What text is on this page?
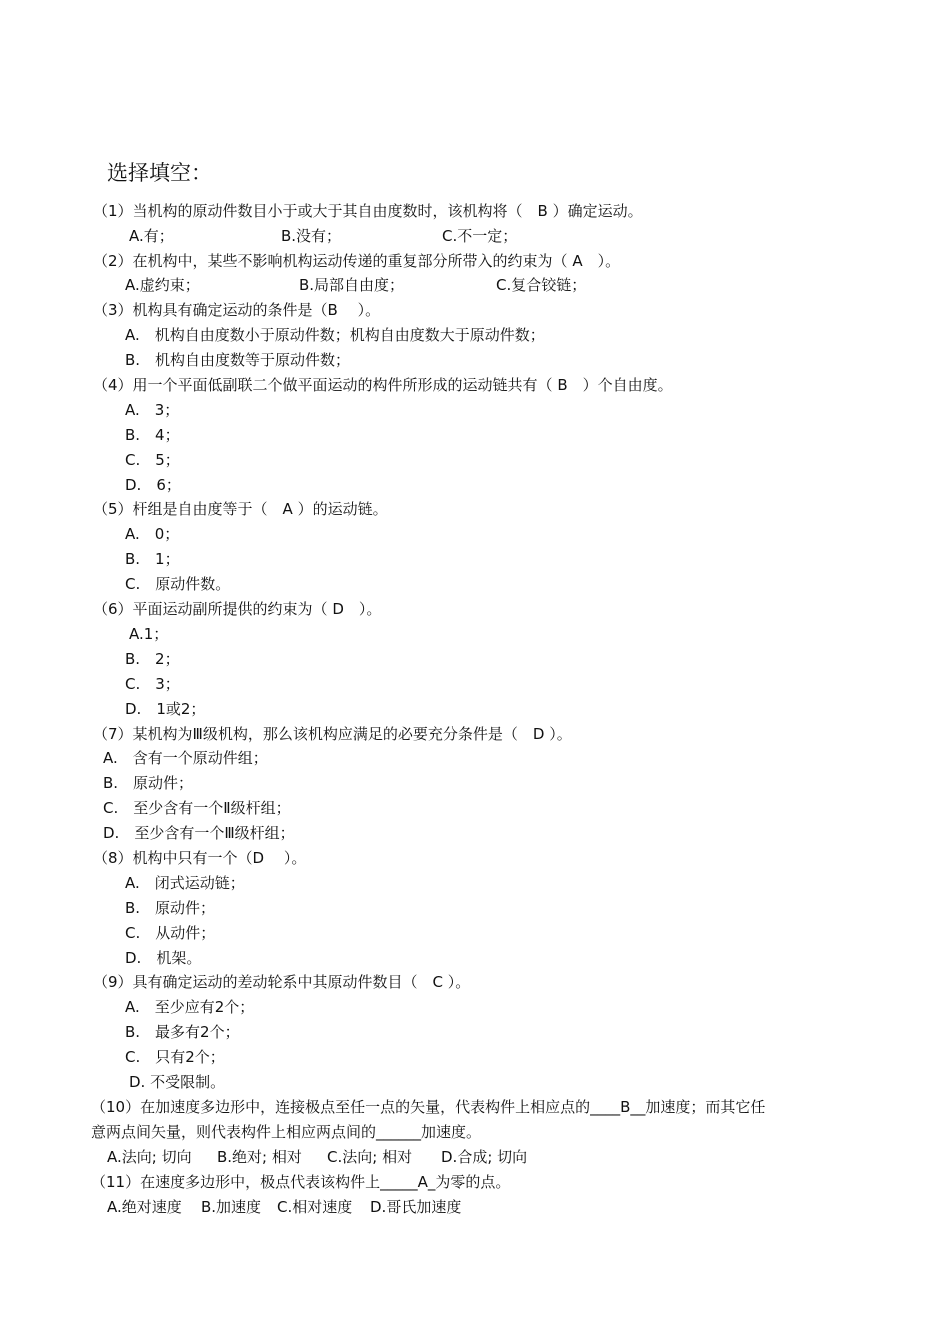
选择填空：
（1）当机构的原动件数目小于或大于其自由度数时，该机构将（　B ）确定运动。
A.有；	B.没有；	C.不一定；
（2）在机构中，某些不影响机构运动传递的重复部分所带入的约束为（ A　）。
A.虚约束；	B.局部自由度；	C.复合铰链；
（3）机构具有确定运动的条件是（B　 ）。
A.　机构自由度数小于原动件数；机构自由度数大于原动件数；
B.　机构自由度数等于原动件数；
（4）用一个平面低副联二个做平面运动的构件所形成的运动链共有（ B　）个自由度。
A.　3；
B.　4；
C.　5；
D.　6；
（5）杆组是自由度等于（　A ）的运动链。
A.　0；
B.　1；
C.　原动件数。
（6）平面运动副所提供的约束为（ D　）。
A.1；
B.　2；
C.　3；
D.　1或2；
（7）某机构为Ⅲ级机构，那么该机构应满足的必要充分条件是（　D ）。
A.　含有一个原动件组；
B.　原动件；
C.　至少含有一个Ⅱ级杆组；
D.　至少含有一个Ⅲ级杆组；
（8）机构中只有一个（D　 ）。
A.　闭式运动链；
B.　原动件；
C.　从动件；
D.　机架。
（9）具有确定运动的差动轮系中其原动件数目（　C ）。
A.　至少应有2个；
B.　最多有2个；
C.　只有2个；
D. 不受限制。
（10）在加速度多边形中，连接极点至任一点的矢量，代表构件上相应点的____B__加速度；而其它任
意两点间矢量，则代表构件上相应两点间的______加速度。
A.法向; 切向 B.绝对; 相对 C.法向; 相对 D.合成; 切向
（11）在速度多边形中，极点代表该构件上_____A_为零的点。
A.绝对速度 B.加速度 C.相对速度 D.哥氏加速度
